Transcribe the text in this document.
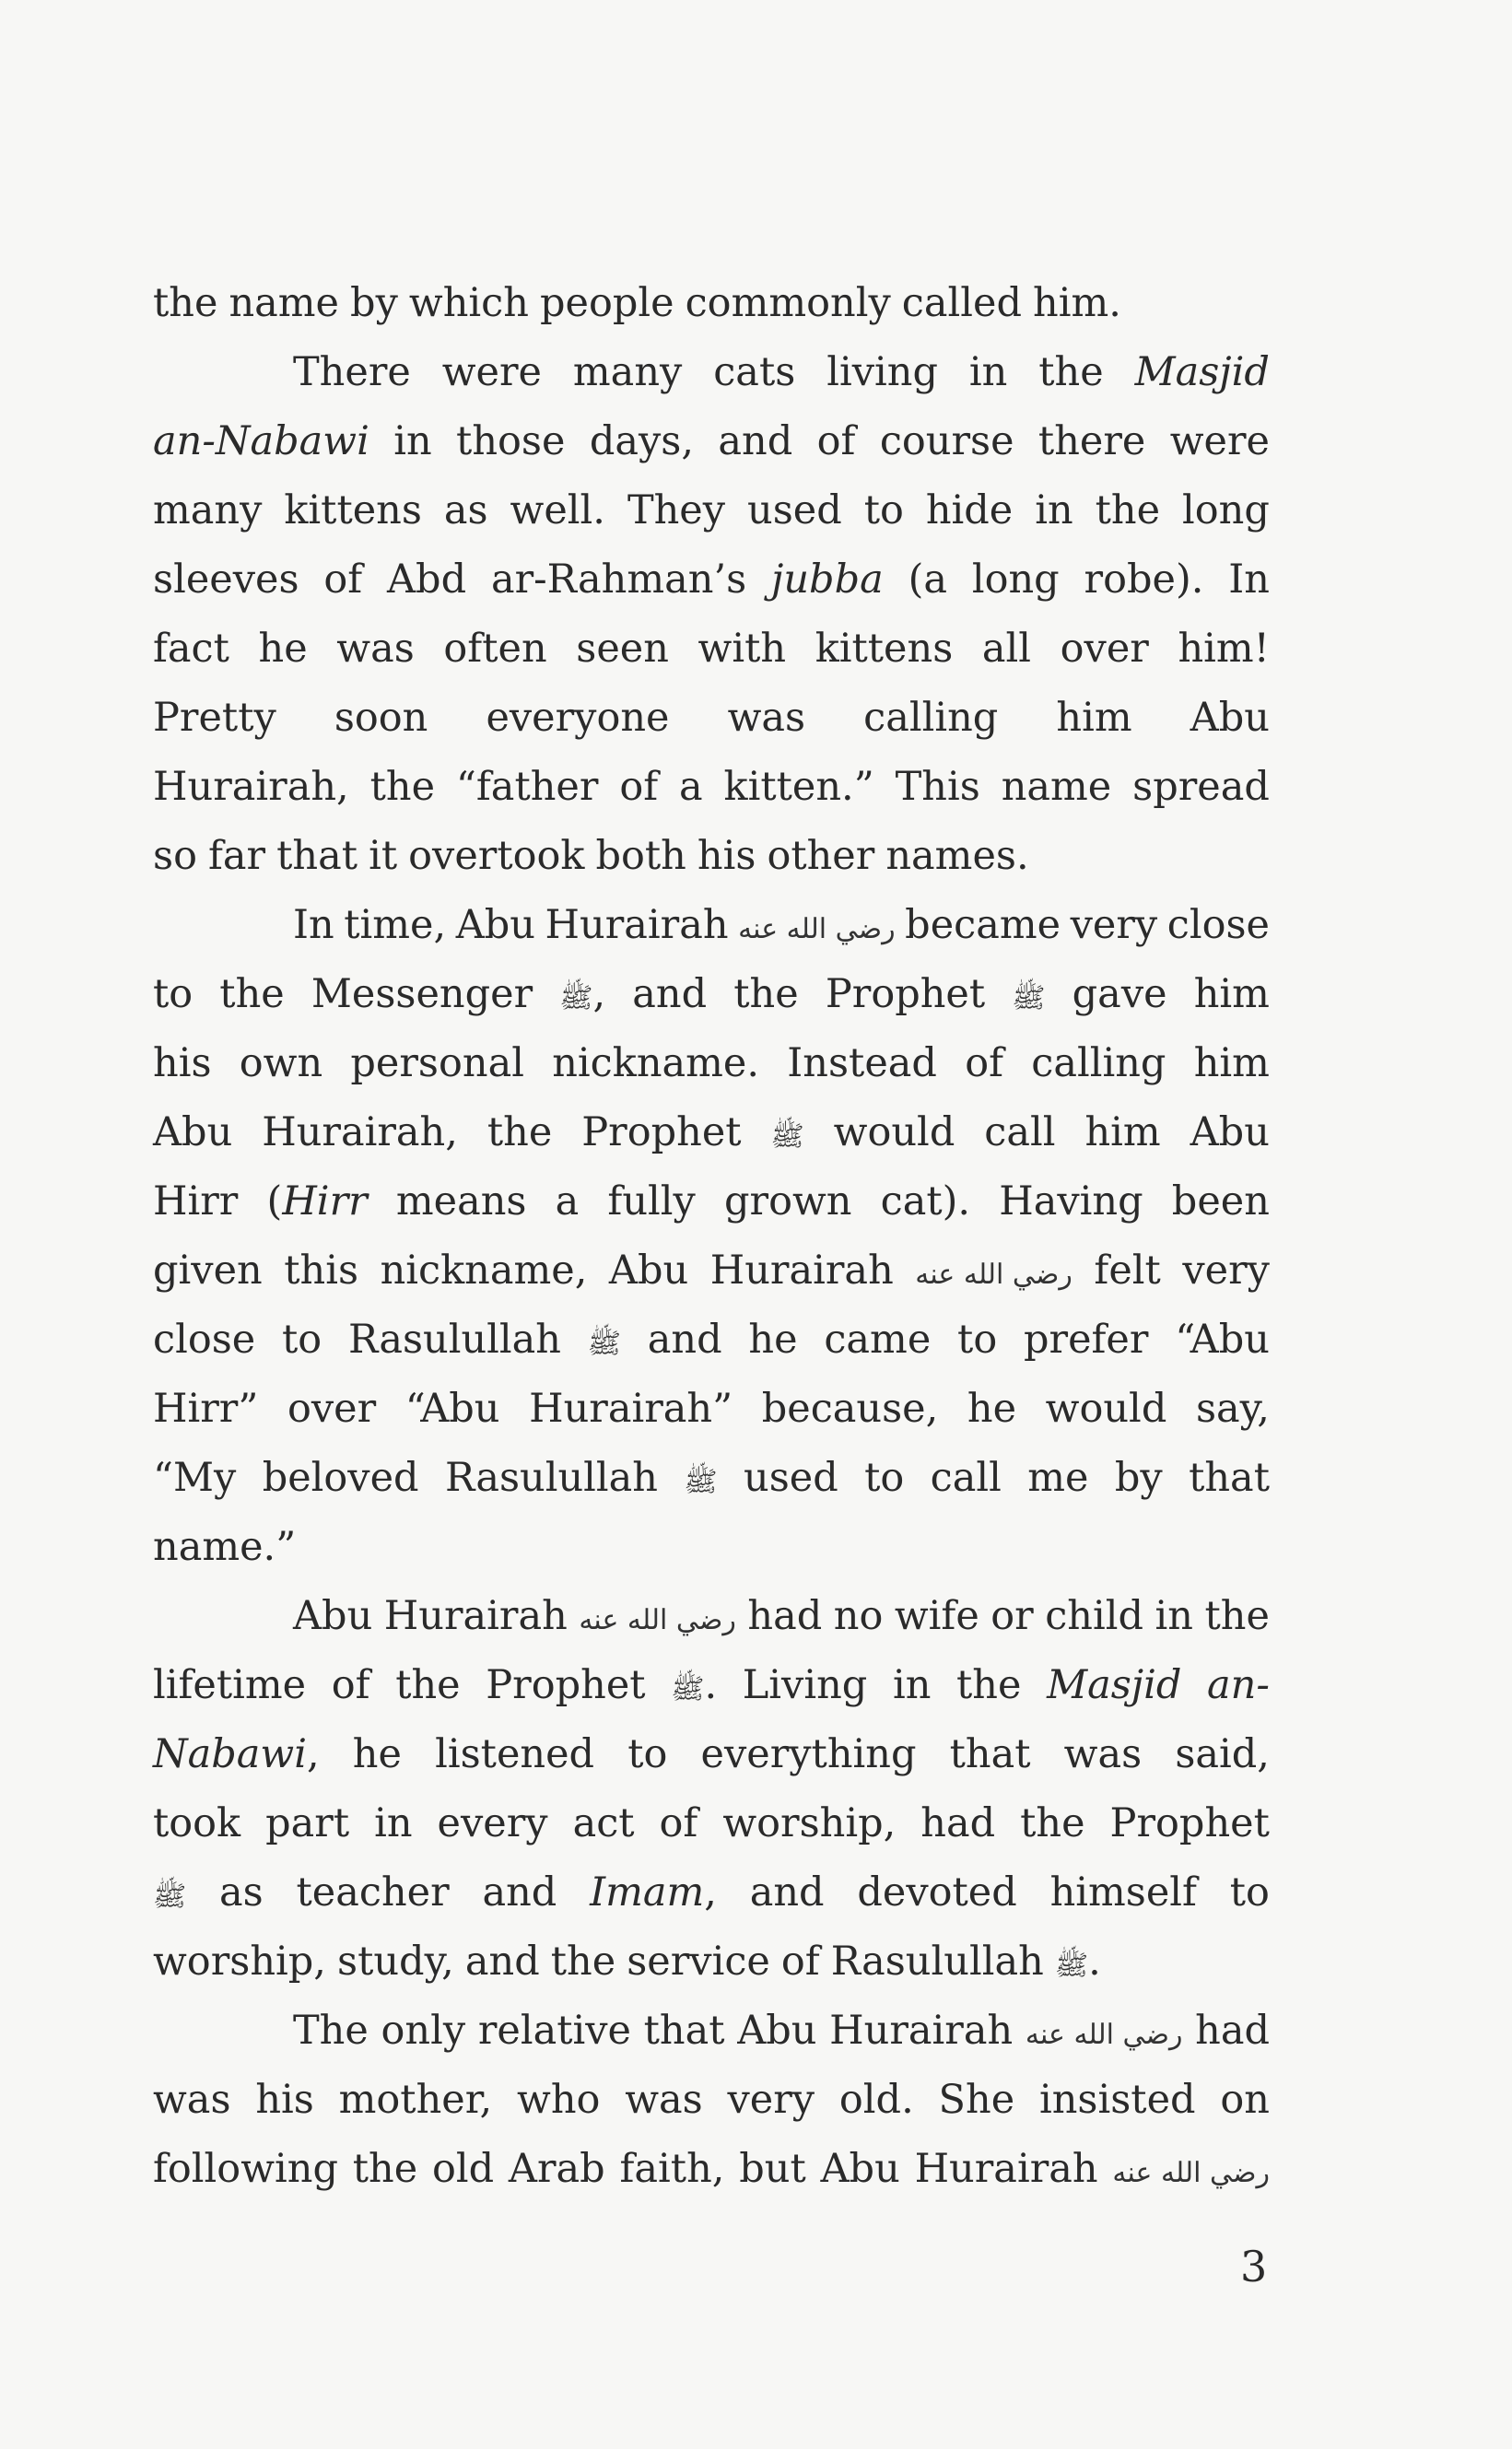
the name by which people commonly called him.
There were many cats living in the Masjid
an-Nabawi in those days, and of course there were
many kittens as well. They used to hide in the long
sleeves of Abd ar-Rahman’s jubba (a long robe). In
fact he was often seen with kittens all over him!
Pretty soon everyone was calling him Abu
Hurairah, the “father of a kitten.” This name spread
so far that it overtook both his other names.
In time, Abu Hurairah رضي الله عنه became very close
to the Messenger ﷺ, and the Prophet ﷺ gave him
his own personal nickname. Instead of calling him
Abu Hurairah, the Prophet ﷺ would call him Abu
Hirr (Hirr means a fully grown cat). Having been
given this nickname, Abu Hurairah رضي الله عنه felt very
close to Rasulullah ﷺ and he came to prefer “Abu
Hirr” over “Abu Hurairah” because, he would say,
“My beloved Rasulullah ﷺ used to call me by that
name.”
Abu Hurairah رضي الله عنه had no wife or child in the
lifetime of the Prophet ﷺ. Living in the Masjid an-
Nabawi, he listened to everything that was said,
took part in every act of worship, had the Prophet
ﷺ as teacher and Imam, and devoted himself to
worship, study, and the service of Rasulullah ﷺ.
The only relative that Abu Hurairah رضي الله عنه had
was his mother, who was very old. She insisted on
following the old Arab faith, but Abu Hurairah رضي الله عنه
3
